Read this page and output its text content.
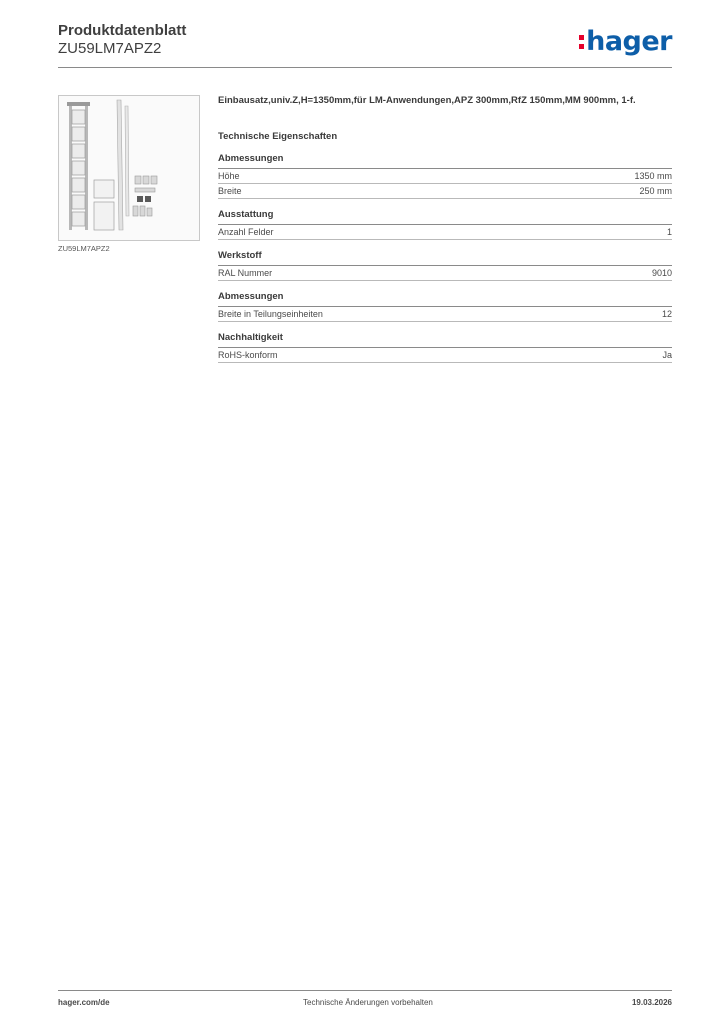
Produktdatenblatt

ZU59LM7APZ2	hager
ZU59LM7APZ2

Einbausatz,univ.Z,H=1350mm,für LM-Anwendungen,APZ 300mm,RfZ 150mm,MM 900mm, 1-f.

Technische Eigenschaften

Abmessungen

Höhe	1350 mm
Breite	250 mm

Ausstattung

Anzahl Felder	1

Werkstoff

RAL Nummer	9010

Abmessungen

Breite in Teilungseinheiten	12

Nachhaltigkeit

RoHS-konform	Ja
hager.com/de	Technische Änderungen vorbehalten	19.03.2026
